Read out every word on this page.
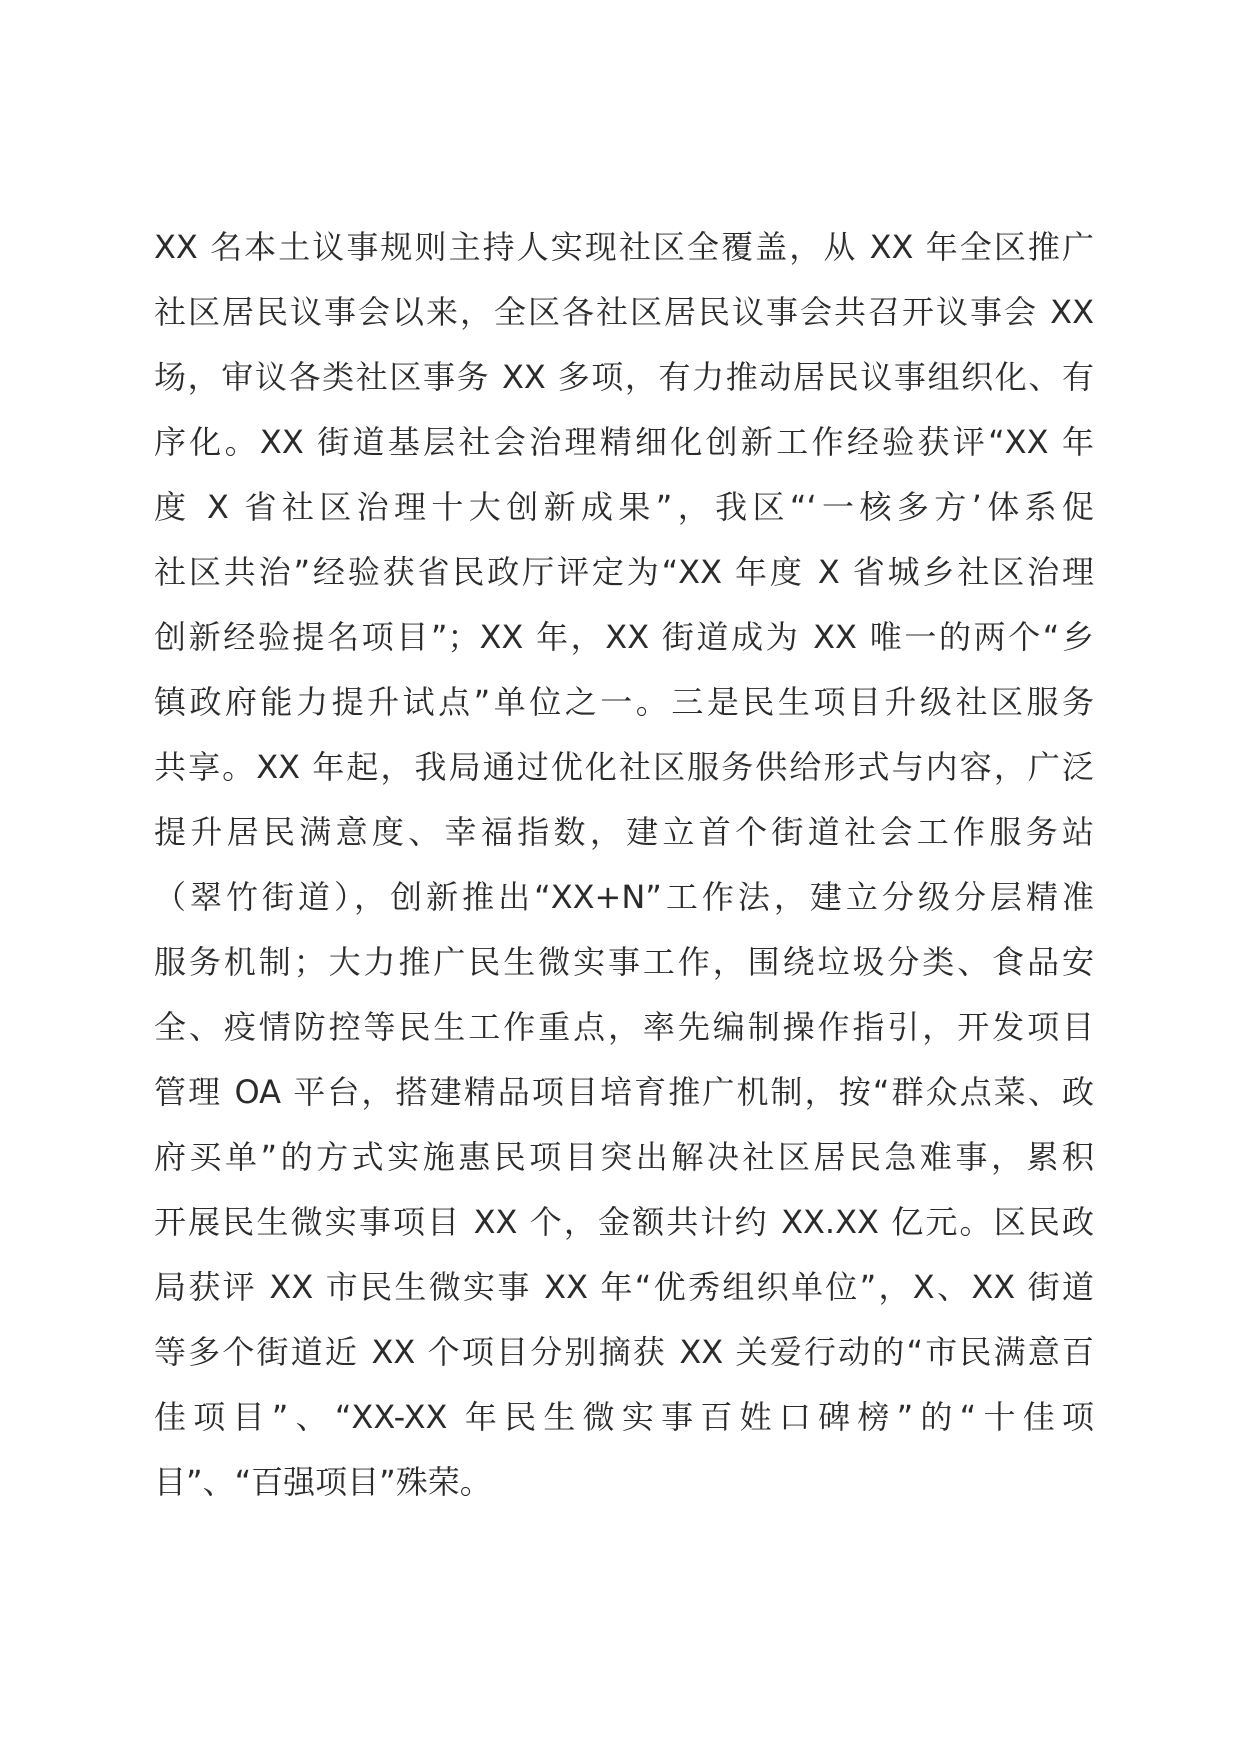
XX 名本土议事规则主持人实现社区全覆盖，从 XX 年全区推广
社区居民议事会以来，全区各社区居民议事会共召开议事会 XX
场，审议各类社区事务 XX 多项，有力推动居民议事组织化、有
序化。XX 街道基层社会治理精细化创新工作经验获评“XX 年
度 X 省社区治理十大创新成果”，我区“‘一核多方’体系促
社区共治”经验获省民政厅评定为“XX 年度 X 省城乡社区治理
创新经验提名项目”；XX 年，XX 街道成为 XX 唯一的两个“乡
镇政府能力提升试点”单位之一。三是民生项目升级社区服务
共享。XX 年起，我局通过优化社区服务供给形式与内容，广泛
提升居民满意度、幸福指数，建立首个街道社会工作服务站
（翠竹街道），创新推出“XX+N”工作法，建立分级分层精准
服务机制；大力推广民生微实事工作，围绕垃圾分类、食品安
全、疫情防控等民生工作重点，率先编制操作指引，开发项目
管理 OA 平台，搭建精品项目培育推广机制，按“群众点菜、政
府买单”的方式实施惠民项目突出解决社区居民急难事，累积
开展民生微实事项目 XX 个，金额共计约 XX.XX 亿元。区民政
局获评 XX 市民生微实事 XX 年“优秀组织单位”，X、XX 街道
等多个街道近 XX 个项目分别摘获 XX 关爱行动的“市民满意百
佳项目”、“XX-XX 年民生微实事百姓口碑榜”的“十佳项
目”、“百强项目”殊荣。
